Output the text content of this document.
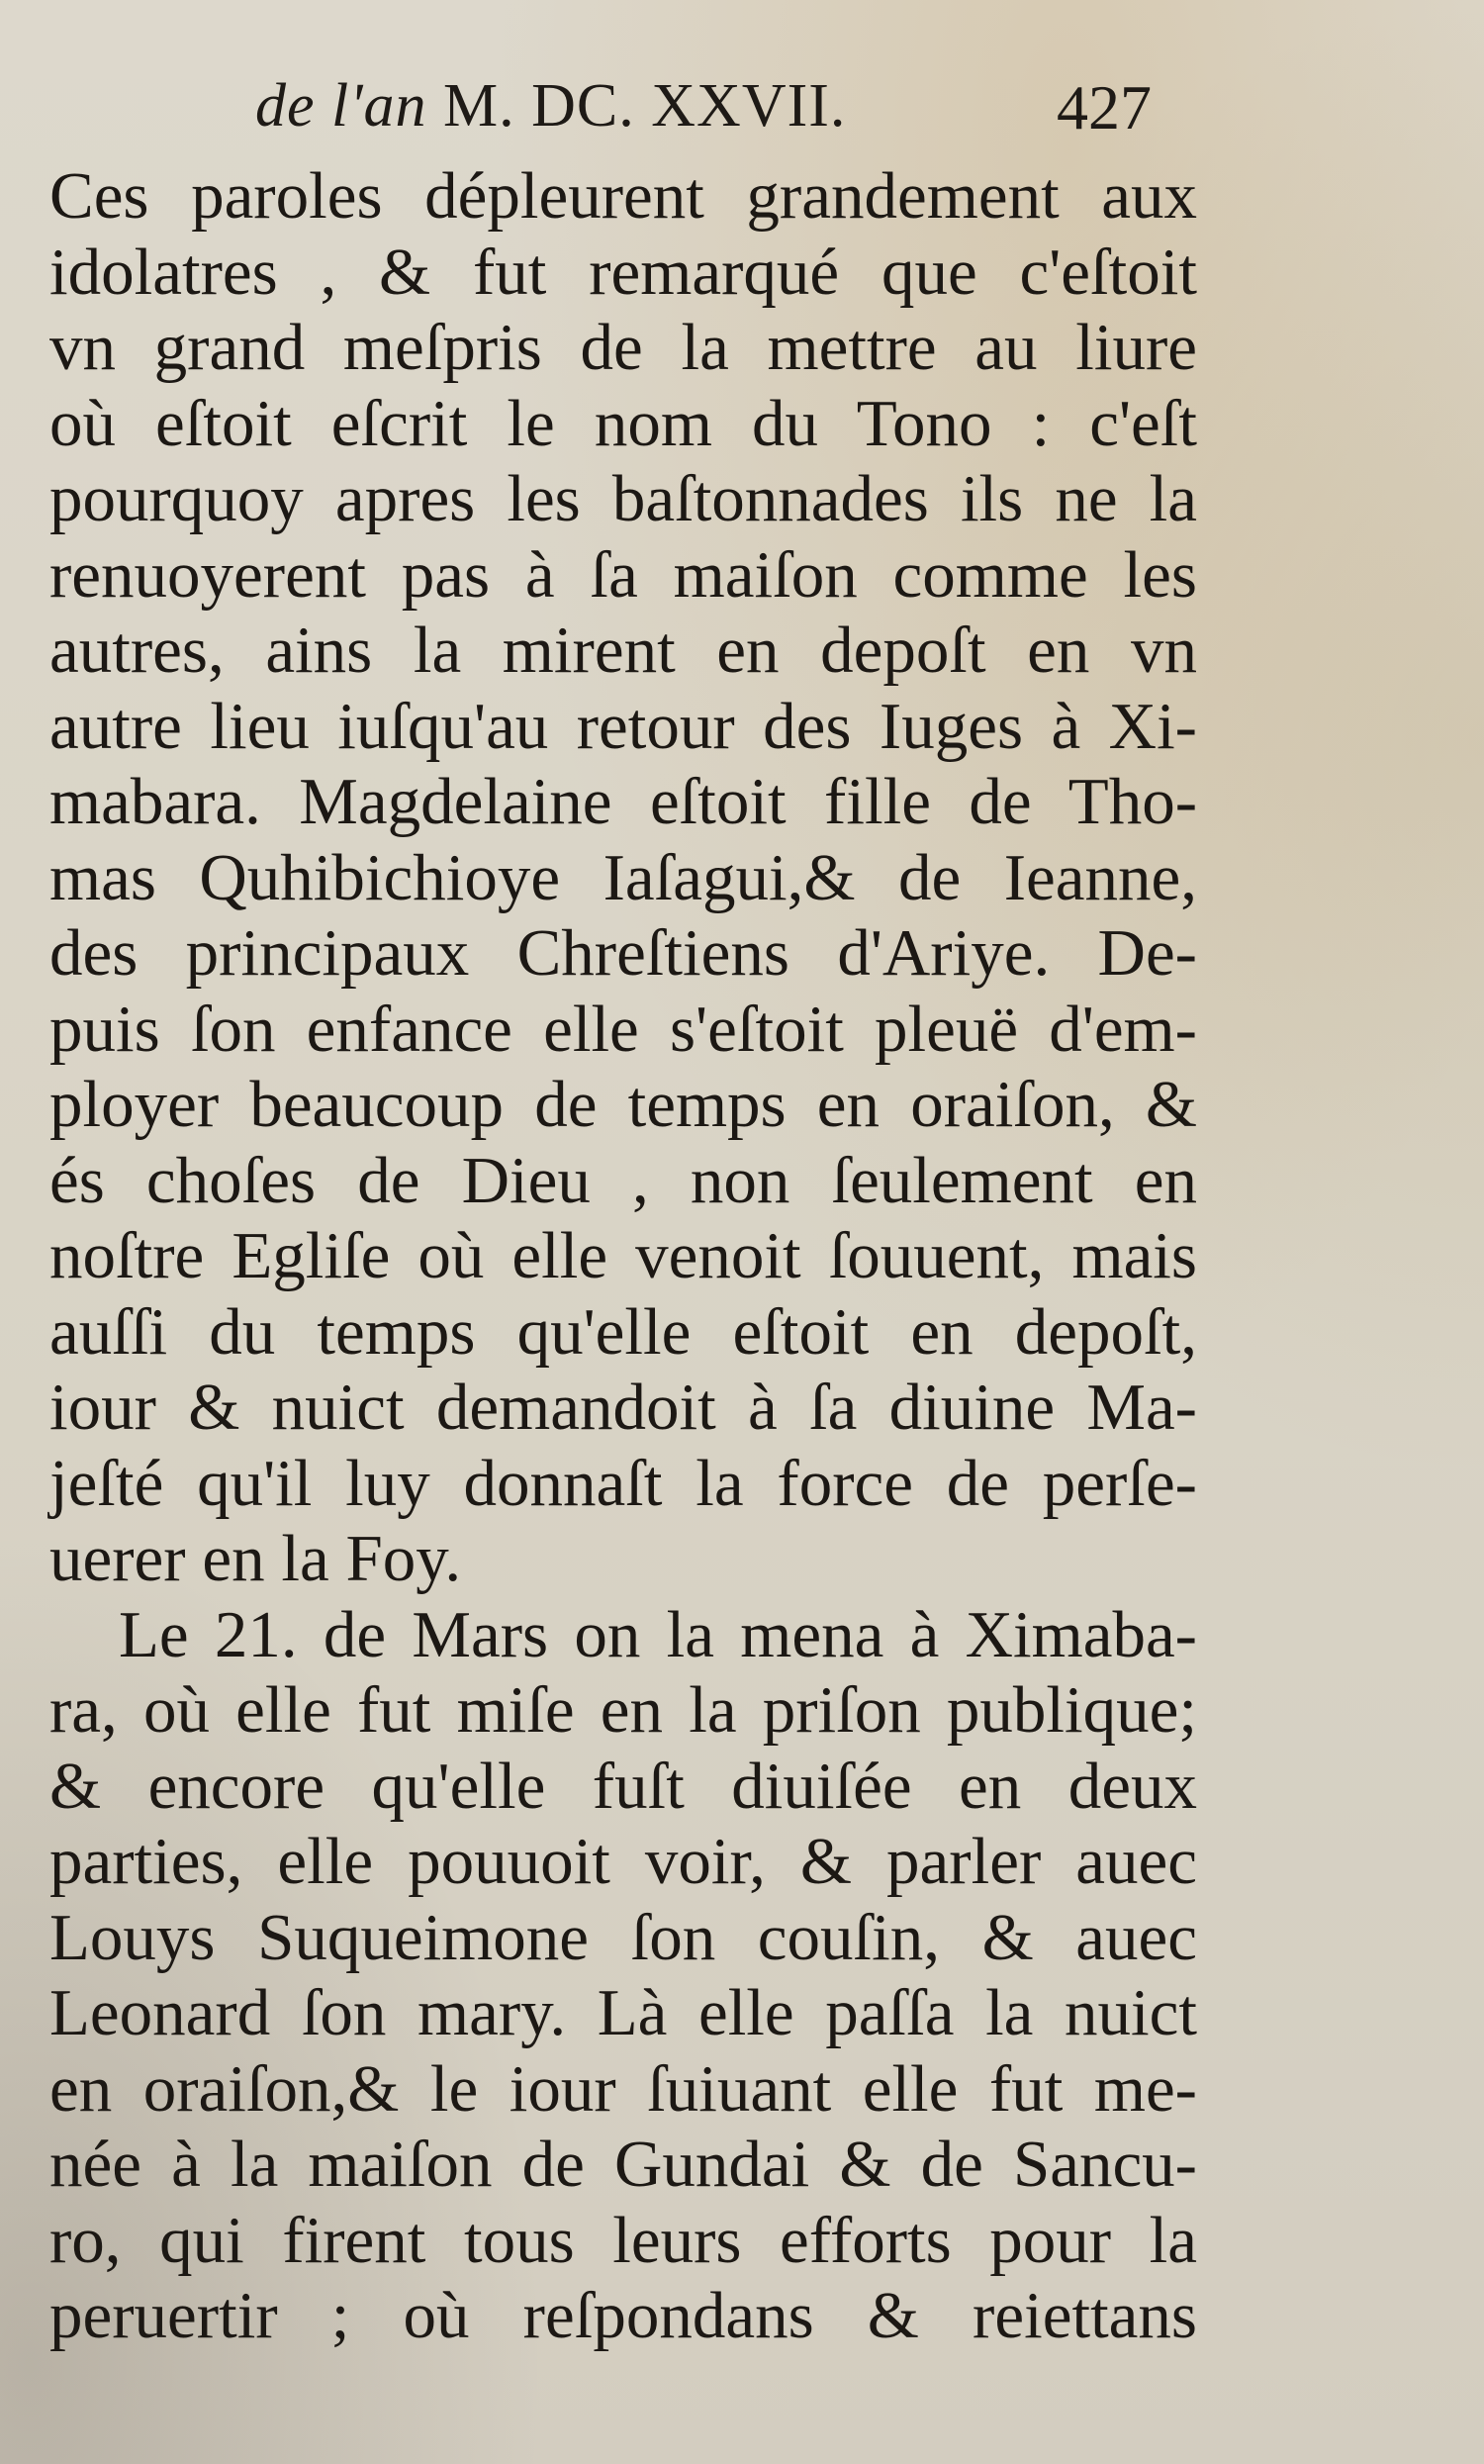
de l'an M. DC. XXVII.	427
Ces paroles dépleurent grandement aux
idolatres , & fut remarqué que c'eſtoit
vn grand meſpris de la mettre au liure
où eſtoit eſcrit le nom du Tono : c'eſt
pourquoy apres les baſtonnades ils ne la
renuoyerent pas à ſa maiſon comme les
autres, ains la mirent en depoſt en vn
autre lieu iuſqu'au retour des Iuges à Xi-
mabara. Magdelaine eſtoit fille de Tho-
mas Quhibichioye Iaſagui,& de Ieanne,
des principaux Chreſtiens d'Ariye. De-
puis ſon enfance elle s'eſtoit pleuë d'em-
ployer beaucoup de temps en oraiſon, &
és choſes de Dieu , non ſeulement en
noſtre Egliſe où elle venoit ſouuent, mais
auſſi du temps qu'elle eſtoit en depoſt,
iour & nuict demandoit à ſa diuine Ma-
jeſté qu'il luy donnaſt la force de perſe-
uerer en la Foy.
Le 21. de Mars on la mena à Ximaba-
ra, où elle fut miſe en la priſon publique;
& encore qu'elle fuſt diuiſée en deux
parties, elle pouuoit voir, & parler auec
Louys Suqueimone ſon couſin, & auec
Leonard ſon mary. Là elle paſſa la nuict
en oraiſon,& le iour ſuiuant elle fut me-
née à la maiſon de Gundai & de Sancu-
ro, qui firent tous leurs efforts pour la
peruertir ; où reſpondans & reiettans
